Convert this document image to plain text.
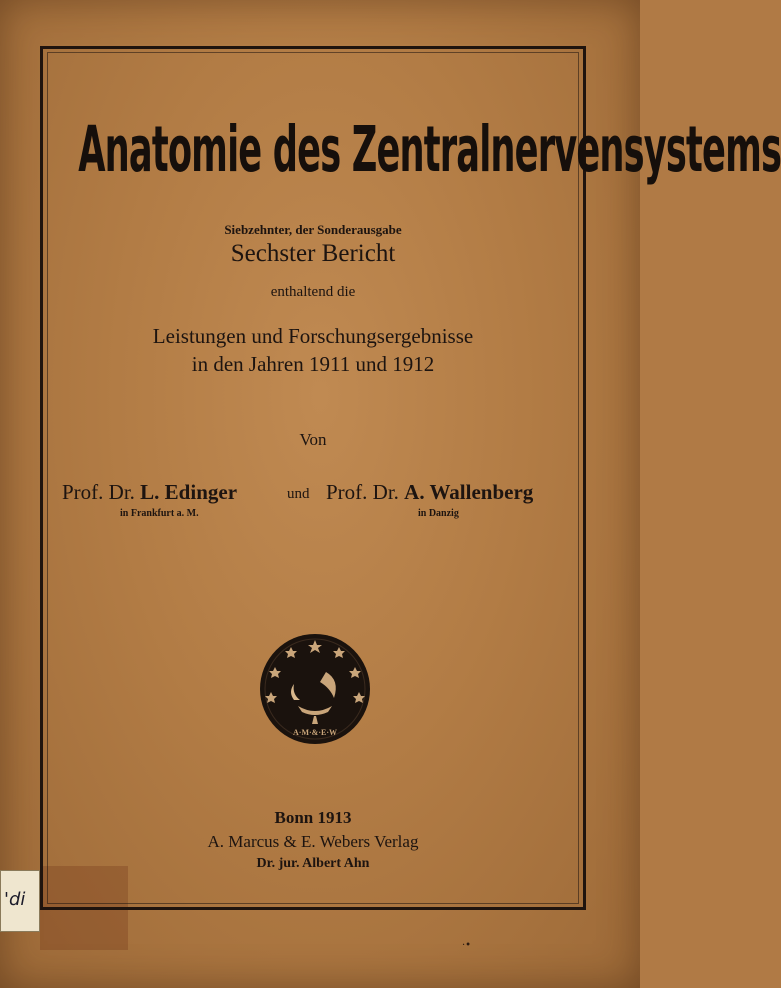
Anatomie des Zentralnervensystems
Siebzehnter, der Sonderausgabe
Sechster Bericht
enthaltend die
Leistungen und Forschungsergebnisse
in den Jahren 1911 und 1912
Von
Prof. Dr. L. Edinger	und Prof. Dr. A. Wallenberg
in Frankfurt a. M.	in Danzig
A·M·&·E·W
Bonn 1913
A. Marcus & E. Webers Verlag
Dr. jur. Albert Ahn
'di
·•
